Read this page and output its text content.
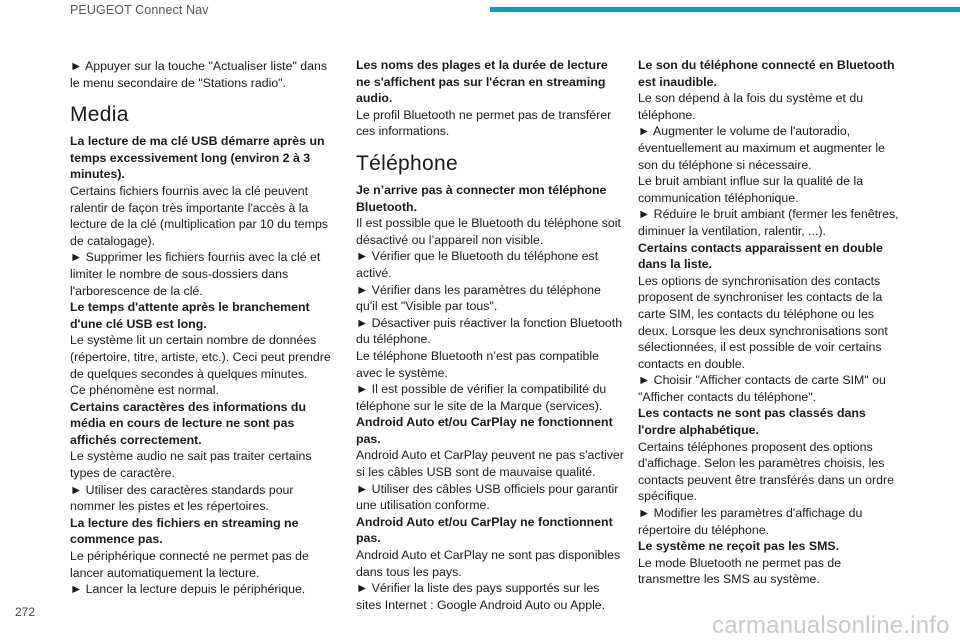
PEUGEOT Connect Nav

► Appuyer sur la touche "Actualiser liste" dans le menu secondaire de "Stations radio".

Media

La lecture de ma clé USB démarre après un temps excessivement long (environ 2 à 3 minutes).

Certains fichiers fournis avec la clé peuvent ralentir de façon très importante l'accès à la lecture de la clé (multiplication par 10 du temps de catalogage).

► Supprimer les fichiers fournis avec la clé et limiter le nombre de sous-dossiers dans l'arborescence de la clé.

Le temps d'attente après le branchement d'une clé USB est long.

Le système lit un certain nombre de données (répertoire, titre, artiste, etc.). Ceci peut prendre de quelques secondes à quelques minutes.

Ce phénomène est normal.

Certains caractères des informations du média en cours de lecture ne sont pas affichés correctement.

Le système audio ne sait pas traiter certains types de caractère.

► Utiliser des caractères standards pour nommer les pistes et les répertoires.

La lecture des fichiers en streaming ne commence pas.

Le périphérique connecté ne permet pas de lancer automatiquement la lecture.

► Lancer la lecture depuis le périphérique.

Les noms des plages et la durée de lecture ne s'affichent pas sur l'écran en streaming audio.

Le profil Bluetooth ne permet pas de transférer ces informations.

Téléphone

Je n’arrive pas à connecter mon téléphone Bluetooth.

Il est possible que le Bluetooth du téléphone soit désactivé ou l’appareil non visible.

► Vérifier que le Bluetooth du téléphone est activé.

► Vérifier dans les paramètres du téléphone qu'il est "Visible par tous".

► Désactiver puis réactiver la fonction Bluetooth du téléphone.

Le téléphone Bluetooth n’est pas compatible avec le système.

► Il est possible de vérifier la compatibilité du téléphone sur le site de la Marque (services).

Android Auto et/ou CarPlay ne fonctionnent pas.

Android Auto et CarPlay peuvent ne pas s'activer si les câbles USB sont de mauvaise qualité.

► Utiliser des câbles USB officiels pour garantir une utilisation conforme.

Android Auto et/ou CarPlay ne fonctionnent pas.

Android Auto et CarPlay ne sont pas disponibles dans tous les pays.

► Vérifier la liste des pays supportés sur les sites Internet : Google Android Auto ou Apple.

Le son du téléphone connecté en Bluetooth est inaudible.

Le son dépend à la fois du système et du téléphone.

► Augmenter le volume de l'autoradio, éventuellement au maximum et augmenter le son du téléphone si nécessaire.

Le bruit ambiant influe sur la qualité de la communication téléphonique.

► Réduire le bruit ambiant (fermer les fenêtres, diminuer la ventilation, ralentir, ...).

Certains contacts apparaissent en double dans la liste.

Les options de synchronisation des contacts proposent de synchroniser les contacts de la carte SIM, les contacts du téléphone ou les deux. Lorsque les deux synchronisations sont sélectionnées, il est possible de voir certains contacts en double.

► Choisir "Afficher contacts de carte SIM" ou "Afficher contacts du téléphone".

Les contacts ne sont pas classés dans l'ordre alphabétique.

Certains téléphones proposent des options d'affichage. Selon les paramètres choisis, les contacts peuvent être transférés dans un ordre spécifique.

► Modifier les paramètres d'affichage du répertoire du téléphone.

Le système ne reçoit pas les SMS.

Le mode Bluetooth ne permet pas de transmettre les SMS au système.

272	carmanualsonline.info
